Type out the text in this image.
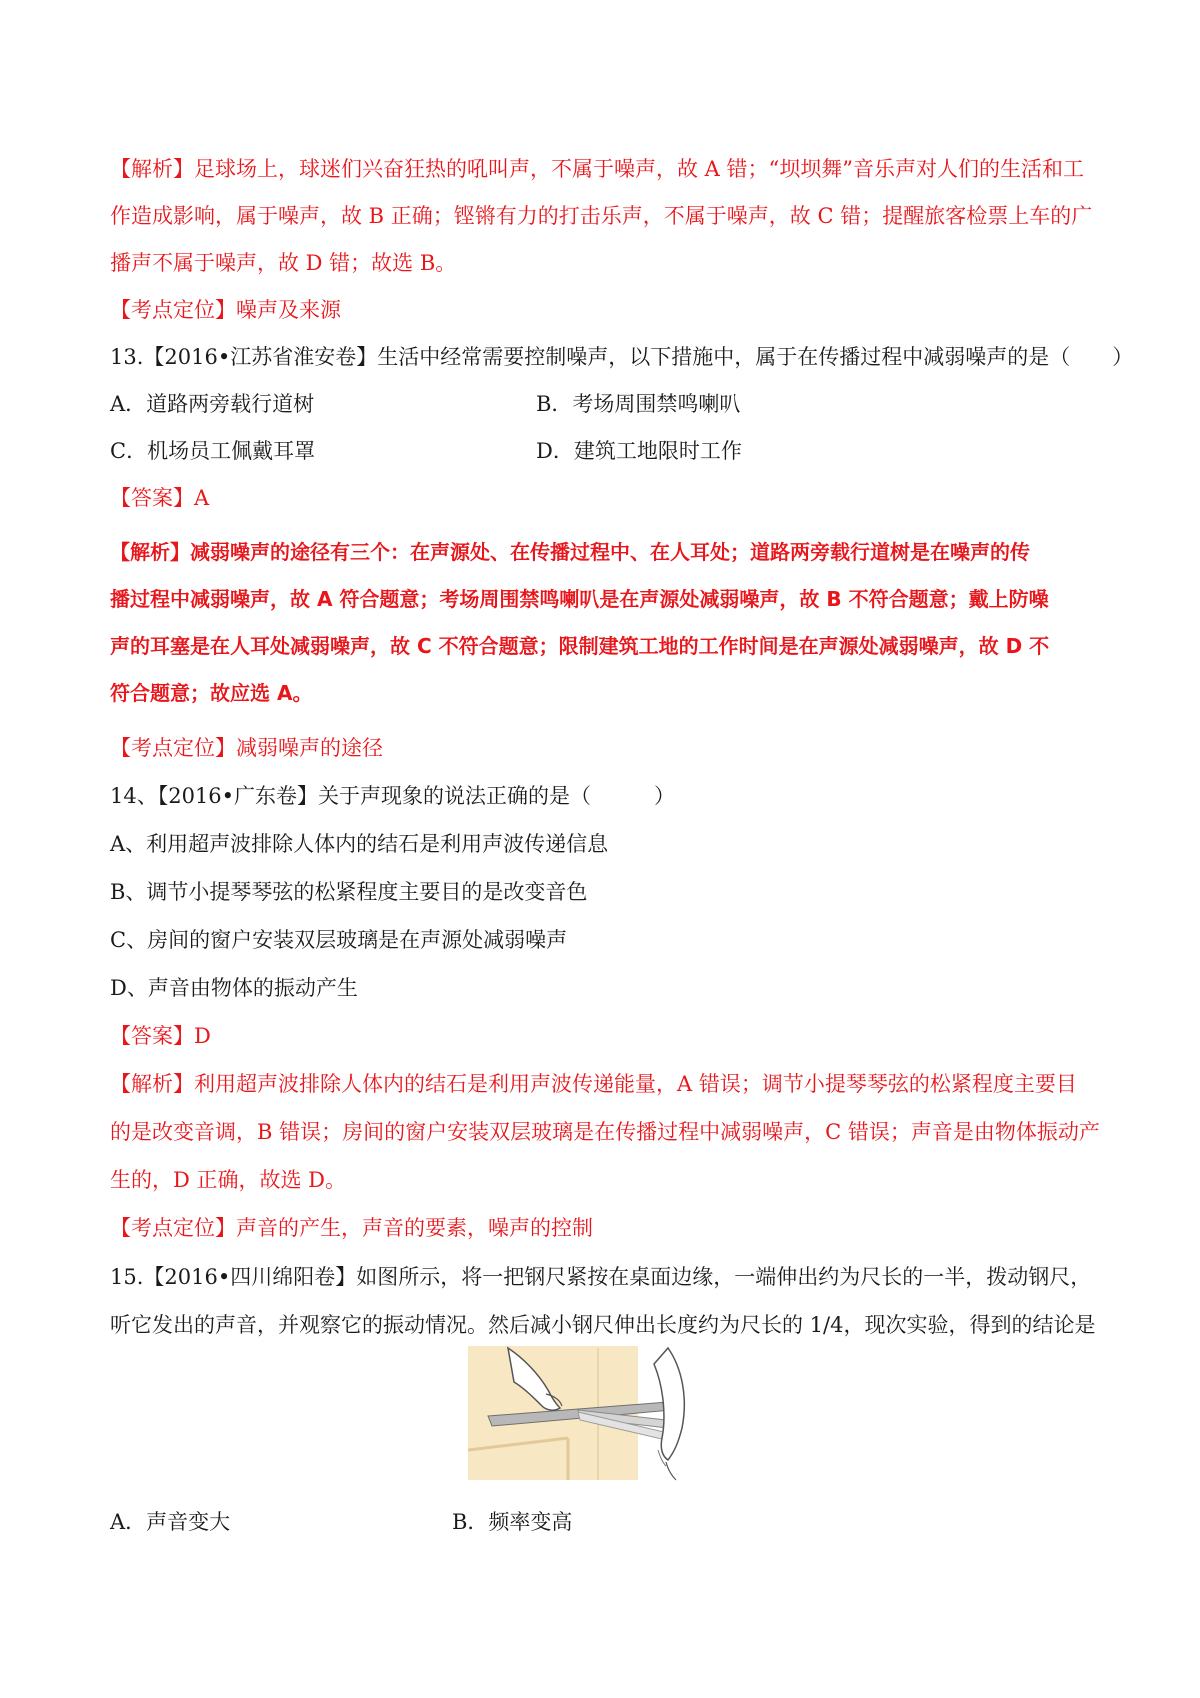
【解析】足球场上，球迷们兴奋狂热的吼叫声，不属于噪声，故 A 错；“坝坝舞”音乐声对人们的生活和工
作造成影响，属于噪声，故 B 正确；铿锵有力的打击乐声，不属于噪声，故 C 错；提醒旅客检票上车的广
播声不属于噪声，故 D 错；故选 B。
【考点定位】噪声及来源
13.【2016•江苏省淮安卷】生活中经常需要控制噪声，以下措施中，属于在传播过程中减弱噪声的是（　　）
A．道路两旁载行道树	B．考场周围禁鸣喇叭
C．机场员工佩戴耳罩	D．建筑工地限时工作
【答案】A
【解析】减弱噪声的途径有三个：在声源处、在传播过程中、在人耳处；道路两旁载行道树是在噪声的传
播过程中减弱噪声，故 A 符合题意；考场周围禁鸣喇叭是在声源处减弱噪声，故 B 不符合题意；戴上防噪
声的耳塞是在人耳处减弱噪声，故 C 不符合题意；限制建筑工地的工作时间是在声源处减弱噪声，故 D 不
符合题意；故应选 A。
【考点定位】减弱噪声的途径
14、【2016•广东卷】关于声现象的说法正确的是（　　　）
A、利用超声波排除人体内的结石是利用声波传递信息
B、调节小提琴琴弦的松紧程度主要目的是改变音色
C、房间的窗户安装双层玻璃是在声源处减弱噪声
D、声音由物体的振动产生
【答案】D
【解析】利用超声波排除人体内的结石是利用声波传递能量，A 错误；调节小提琴琴弦的松紧程度主要目
的是改变音调，B 错误；房间的窗户安装双层玻璃是在传播过程中减弱噪声，C 错误；声音是由物体振动产
生的，D 正确，故选 D。
【考点定位】声音的产生，声音的要素，噪声的控制
15.【2016•四川绵阳卷】如图所示，将一把钢尺紧按在桌面边缘，一端伸出约为尺长的一半，拨动钢尺，
听它发出的声音，并观察它的振动情况。然后减小钢尺伸出长度约为尺长的 1/4，现次实验，得到的结论是
A．声音变大	B．频率变高
